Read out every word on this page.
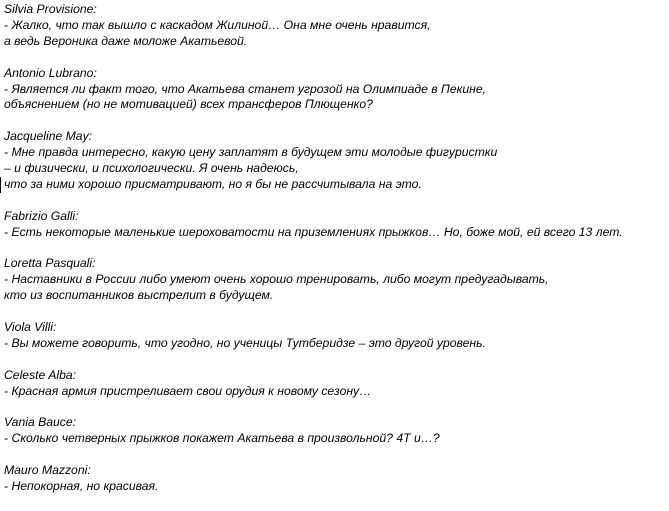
Silvia Provisione:
- Жалко, что так вышло с каскадом Жилиной… Она мне очень нравится,
а ведь Вероника даже моложе Акатьевой.
Antonio Lubrano:
- Является ли факт того, что Акатьева станет угрозой на Олимпиаде в Пекине,
объяснением (но не мотивацией) всех трансферов Плющенко?
Jacqueline May:
- Мне правда интересно, какую цену заплатят в будущем эти молодые фигуристки
– и физически, и психологически. Я очень надеюсь,
что за ними хорошо присматривают, но я бы не рассчитывала на это.
Fabrizio Galli:
- Есть некоторые маленькие шероховатости на приземлениях прыжков… Но, боже мой, ей всего 13 лет.
Loretta Pasquali:
- Наставники в России либо умеют очень хорошо тренировать, либо могут предугадывать,
кто из воспитанников выстрелит в будущем.
Viola Villi:
- Вы можете говорить, что угодно, но ученицы Тутберидзе – это другой уровень.
Celeste Alba:
- Красная армия пристреливает свои орудия к новому сезону…
Vania Bauce:
- Сколько четверных прыжков покажет Акатьева в произвольной? 4Т и…?
Mauro Mazzoni:
- Непокорная, но красивая.
